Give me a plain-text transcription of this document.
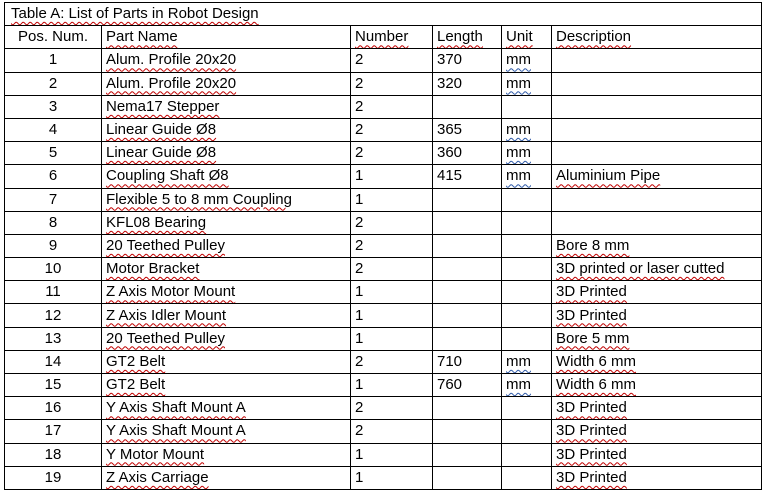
Table A: List of Parts in Robot Design					
Pos. Num.	Part Name	Number	Length	Unit	Description
1	Alum. Profile 20x20	2	370	mm	
2	Alum. Profile 20x20	2	320	mm	
3	Nema17 Stepper	2			
4	Linear Guide Ø8	2	365	mm	
5	Linear Guide Ø8	2	360	mm	
6	Coupling Shaft Ø8	1	415	mm	Aluminium Pipe
7	Flexible 5 to 8 mm Coupling	1			
8	KFL08 Bearing	2			
9	20 Teethed Pulley	2			Bore 8 mm
10	Motor Bracket	2			3D printed or laser cutted
11	Z Axis Motor Mount	1			3D Printed
12	Z Axis Idler Mount	1			3D Printed
13	20 Teethed Pulley	1			Bore 5 mm
14	GT2 Belt	2	710	mm	Width 6 mm
15	GT2 Belt	1	760	mm	Width 6 mm
16	Y Axis Shaft Mount A	2			3D Printed
17	Y Axis Shaft Mount A	2			3D Printed
18	Y Motor Mount	1			3D Printed
19	Z Axis Carriage	1			3D Printed
